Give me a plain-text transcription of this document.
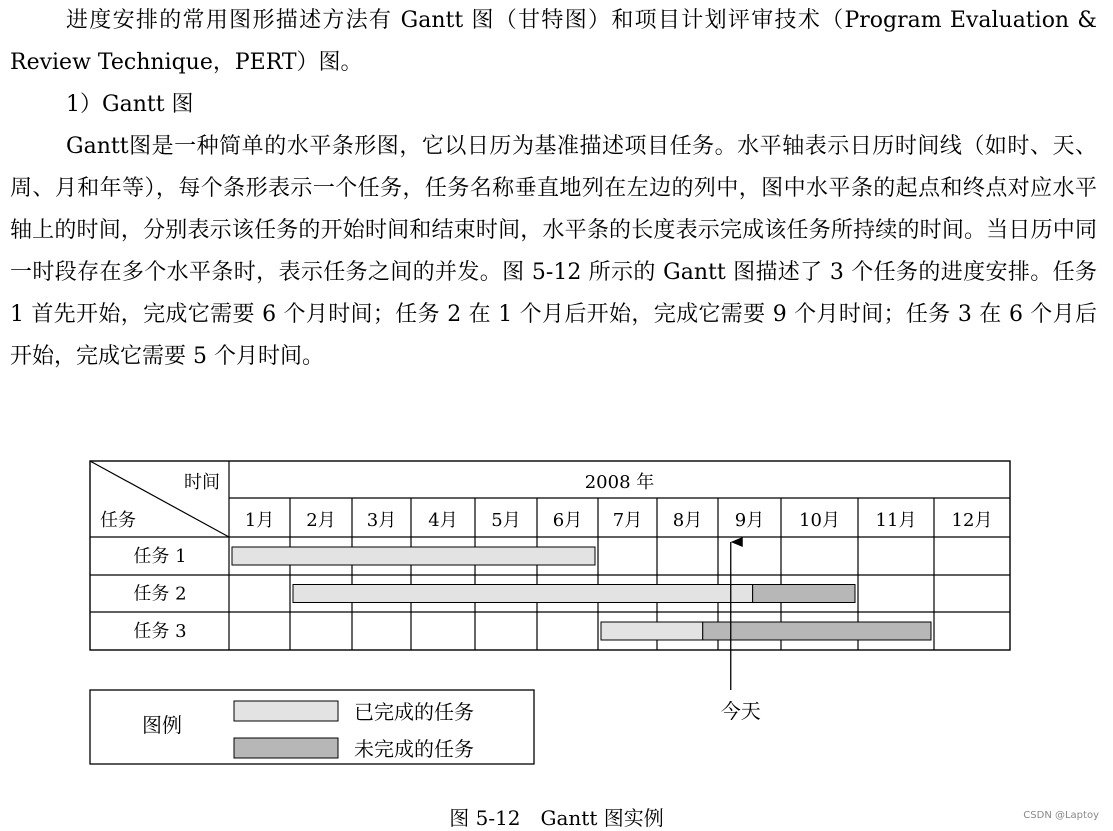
进度安排的常用图形描述方法有 Gantt 图（甘特图）和项目计划评审技术（Program Evaluation & Review Technique，PERT）图。

1）Gantt 图

Gantt图是一种简单的水平条形图，它以日历为基准描述项目任务。水平轴表示日历时间线（如时、天、周、月和年等），每个条形表示一个任务，任务名称垂直地列在左边的列中，图中水平条的起点和终点对应水平轴上的时间，分别表示该任务的开始时间和结束时间，水平条的长度表示完成该任务所持续的时间。当日历中同一时段存在多个水平条时，表示任务之间的并发。图 5-12 所示的 Gantt 图描述了 3 个任务的进度安排。任务 1 首先开始，完成它需要 6 个月时间；任务 2 在 1 个月后开始，完成它需要 9 个月时间；任务 3 在 6 个月后开始，完成它需要 5 个月时间。

时间
任务
2008 年
1月 2月 3月 4月 5月 6月 7月 8月 9月 10月 11月 12月
任务 1
任务 2
任务 3
今天
图例
已完成的任务
未完成的任务
图 5-12　Gantt 图实例	CSDN @Laptoy
